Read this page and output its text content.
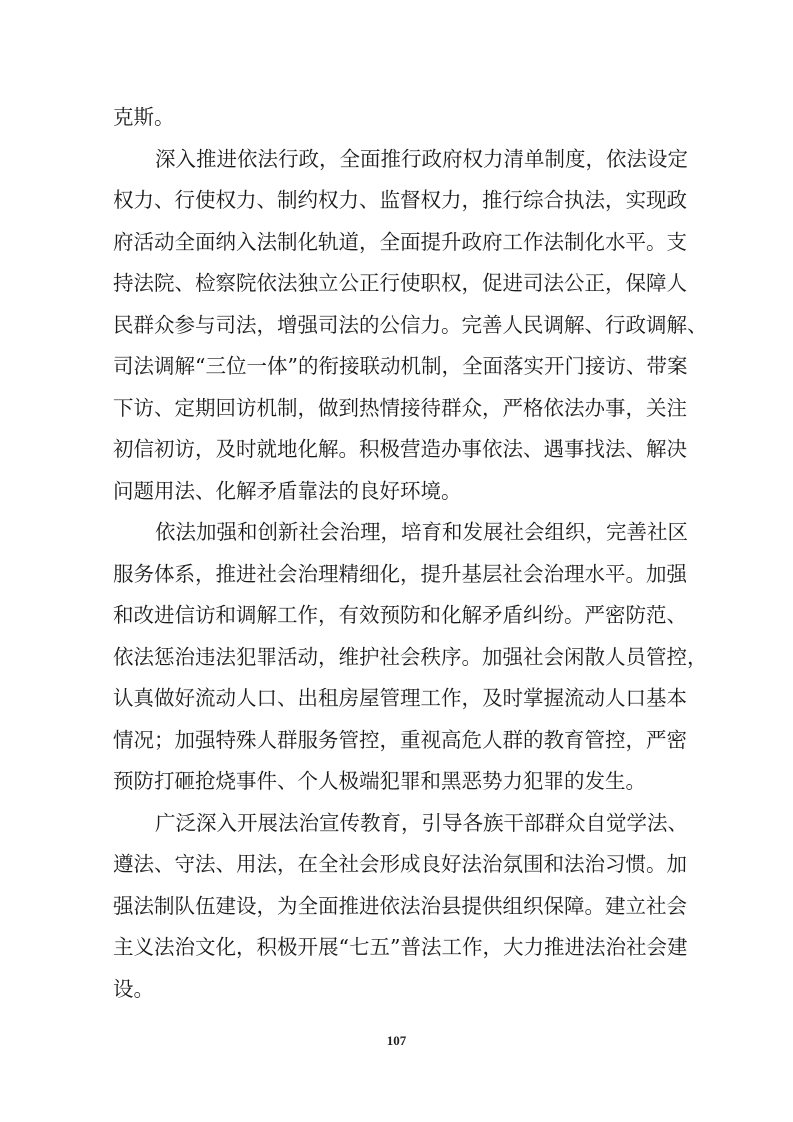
克斯。
深入推进依法行政，全面推行政府权力清单制度，依法设定
权力、行使权力、制约权力、监督权力，推行综合执法，实现政
府活动全面纳入法制化轨道，全面提升政府工作法制化水平。支
持法院、检察院依法独立公正行使职权，促进司法公正，保障人
民群众参与司法，增强司法的公信力。完善人民调解、行政调解、
司法调解“三位一体”的衔接联动机制，全面落实开门接访、带案
下访、定期回访机制，做到热情接待群众，严格依法办事，关注
初信初访，及时就地化解。积极营造办事依法、遇事找法、解决
问题用法、化解矛盾靠法的良好环境。
依法加强和创新社会治理，培育和发展社会组织，完善社区
服务体系，推进社会治理精细化，提升基层社会治理水平。加强
和改进信访和调解工作，有效预防和化解矛盾纠纷。严密防范、
依法惩治违法犯罪活动，维护社会秩序。加强社会闲散人员管控，
认真做好流动人口、出租房屋管理工作，及时掌握流动人口基本
情况；加强特殊人群服务管控，重视高危人群的教育管控，严密
预防打砸抢烧事件、个人极端犯罪和黑恶势力犯罪的发生。
广泛深入开展法治宣传教育，引导各族干部群众自觉学法、
遵法、守法、用法，在全社会形成良好法治氛围和法治习惯。加
强法制队伍建设，为全面推进依法治县提供组织保障。建立社会
主义法治文化，积极开展“七五”普法工作，大力推进法治社会建
设。
107
